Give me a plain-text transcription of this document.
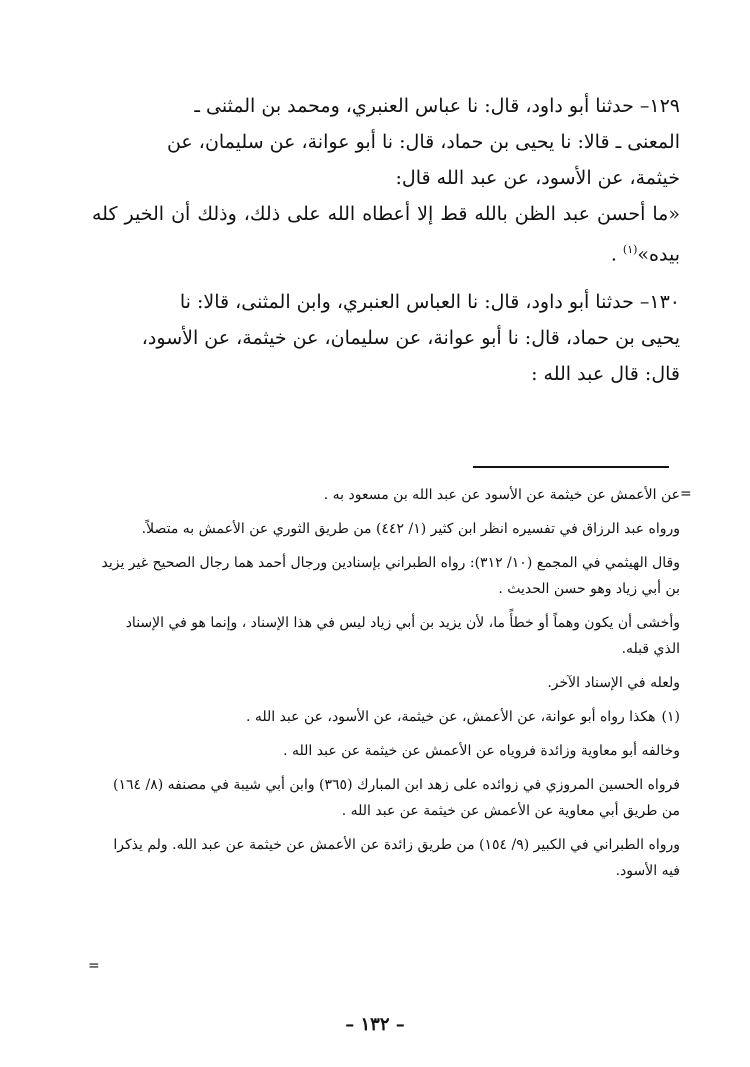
١٢٩– حدثنا أبو داود، قال: نا عباس العنبري، ومحمد بن المثنى ـ
المعنى ـ قالا: نا يحيى بن حماد، قال: نا أبو عوانة، عن سليمان، عن
خيثمة، عن الأسود، عن عبد الله قال:
«ما أحسن عبد الظن بالله قط إلا أعطاه الله على ذلك، وذلك أن الخير كله بيده»$^{(١)}$ .

١٣٠– حدثنا أبو داود، قال: نا العباس العنبري، وابن المثنى، قالا: نا
يحيى بن حماد، قال: نا أبو عوانة، عن سليمان، عن خيثمة، عن الأسود،
قال: قال عبد الله :

=

عن الأعمش عن خيثمة عن الأسود عن عبد الله بن مسعود به .

ورواه عبد الرزاق في تفسيره انظر ابن كثير (١/ ٤٤٢) من طريق الثوري عن الأعمش به متصلاً.

وقال الهيثمي في المجمع (١٠/ ٣١٢): رواه الطبراني بإسنادين ورجال أحمد هما رجال الصحيح غير يزيد بن أبي زياد وهو حسن الحديث .

وأخشى أن يكون وهماً أو خطأً ما، لأن يزيد بن أبي زياد ليس في هذا الإسناد ، وإنما هو في الإسناد الذي قبله.

ولعله في الإسناد الآخر.

(١)هكذا رواه أبو عوانة، عن الأعمش، عن خيثمة، عن الأسود، عن عبد الله .

وخالفه أبو معاوية وزائدة فروياه عن الأعمش عن خيثمة عن عبد الله .

فرواه الحسين المروزي في زوائده على زهد ابن المبارك (٣٦٥) وابن أبي شيبة في مصنفه (٨/ ١٦٤) من طريق أبي معاوية عن الأعمش عن خيثمة عن عبد الله .

ورواه الطبراني في الكبير (٩/ ١٥٤) من طريق زائدة عن الأعمش عن خيثمة عن عبد الله. ولم يذكرا فيه الأسود.

=
– ١٣٢ –
